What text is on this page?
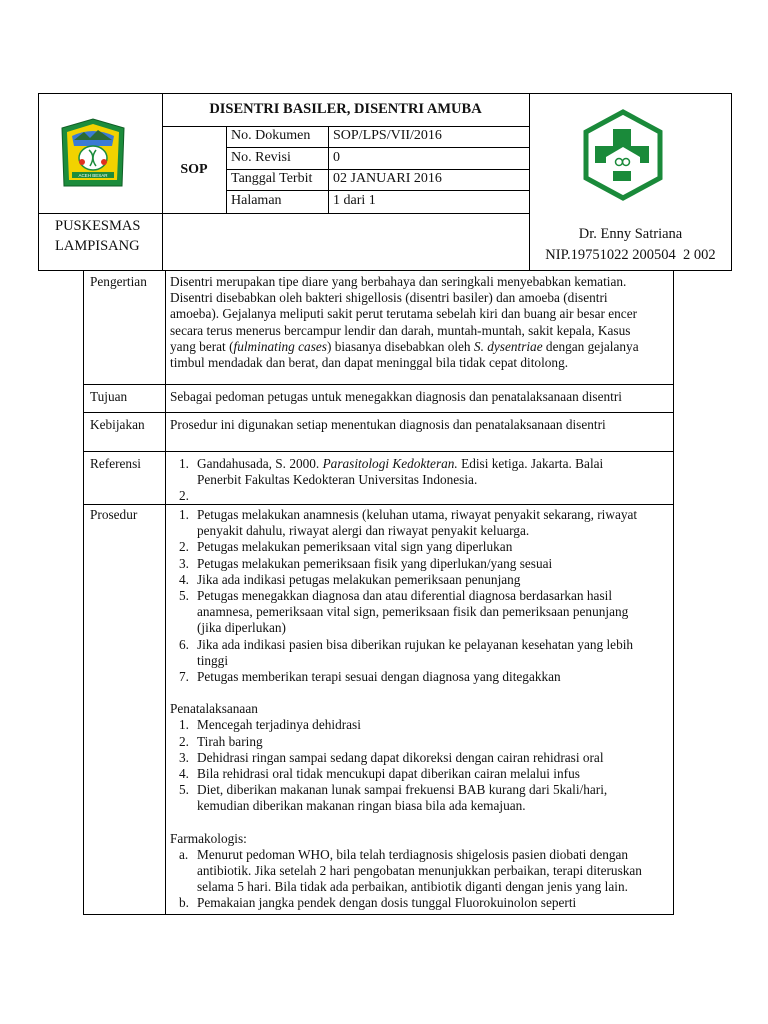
ACEH BESAR
DISENTRI BASILER, DISENTRI AMUBA
SOP
No. Dokumen SOP/LPS/VII/2016
No. Revisi	0
Tanggal Terbit 02 JANUARI 2016
Halaman	1 dari 1
PUSKESMAS
LAMPISANG
Dr. Enny Satriana
NIP.19751022 200504  2 002
Pengertian Disentri merupakan tipe diare yang berbahaya dan seringkali menyebabkan kematian.
Disentri disebabkan oleh bakteri shigellosis (disentri basiler) dan amoeba (disentri
amoeba). Gejalanya meliputi sakit perut terutama sebelah kiri dan buang air besar encer
secara terus menerus bercampur lendir dan darah, muntah-muntah, sakit kepala, Kasus
yang berat (fulminating cases) biasanya disebabkan oleh S. dysentriae dengan gejalanya
timbul mendadak dan berat, dan dapat meninggal bila tidak cepat ditolong.
Tujuan	Sebagai pedoman petugas untuk menegakkan diagnosis dan penatalaksanaan disentri
Kebijakan Prosedur ini digunakan setiap menentukan diagnosis dan penatalaksanaan disentri
Referensi	1. Gandahusada, S. 2000. Parasitologi Kedokteran. Edisi ketiga. Jakarta. Balai
Penerbit Fakultas Kedokteran Universitas Indonesia.
2.

Prosedur	1. Petugas melakukan anamnesis (keluhan utama, riwayat penyakit sekarang, riwayat
penyakit dahulu, riwayat alergi dan riwayat penyakit keluarga.
2. Petugas melakukan pemeriksaan vital sign yang diperlukan
3. Petugas melakukan pemeriksaan fisik yang diperlukan/yang sesuai
4. Jika ada indikasi petugas melakukan pemeriksaan penunjang
5. Petugas menegakkan diagnosa dan atau diferential diagnosa berdasarkan hasil
anamnesa, pemeriksaan vital sign, pemeriksaan fisik dan pemeriksaan penunjang
(jika diperlukan)
6. Jika ada indikasi pasien bisa diberikan rujukan ke pelayanan kesehatan yang lebih
tinggi
7. Petugas memberikan terapi sesuai dengan diagnosa yang ditegakkan
Penatalaksanaan
1. Mencegah terjadinya dehidrasi
2. Tirah baring
3. Dehidrasi ringan sampai sedang dapat dikoreksi dengan cairan rehidrasi oral
4. Bila rehidrasi oral tidak mencukupi dapat diberikan cairan melalui infus
5. Diet, diberikan makanan lunak sampai frekuensi BAB kurang dari 5kali/hari,
kemudian diberikan makanan ringan biasa bila ada kemajuan.
Farmakologis:
a. Menurut pedoman WHO, bila telah terdiagnosis shigelosis pasien diobati dengan
antibiotik. Jika setelah 2 hari pengobatan menunjukkan perbaikan, terapi diteruskan
selama 5 hari. Bila tidak ada perbaikan, antibiotik diganti dengan jenis yang lain.
b. Pemakaian jangka pendek dengan dosis tunggal Fluorokuinolon seperti
